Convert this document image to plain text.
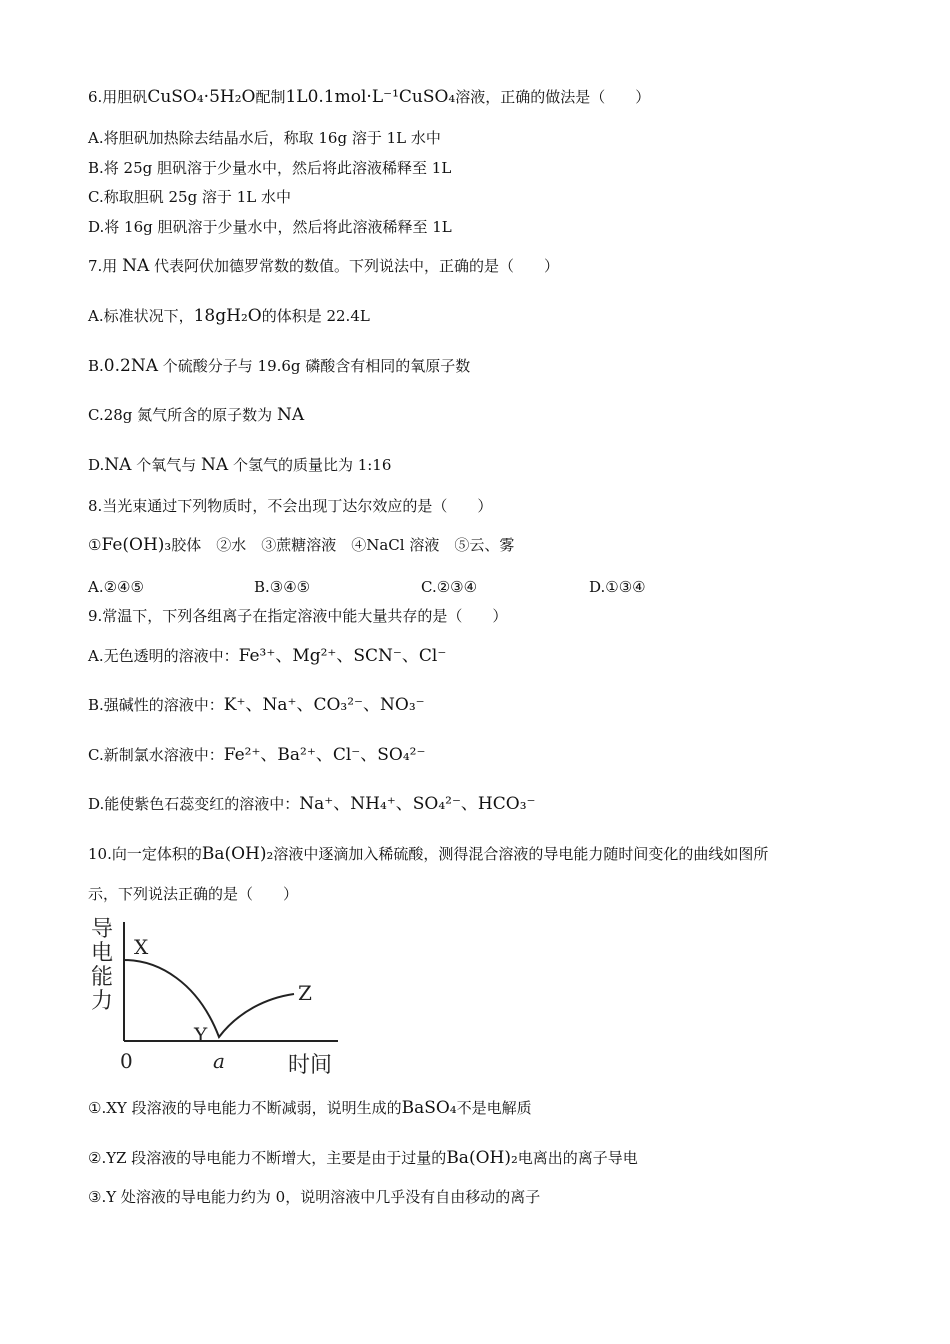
6.用胆矾CuSO₄·5H₂O配制1L0.1mol·L⁻¹CuSO₄溶液，正确的做法是（　　）
A.将胆矾加热除去结晶水后，称取 16g 溶于 1L 水中
B.将 25g 胆矾溶于少量水中，然后将此溶液稀释至 1L
C.称取胆矾 25g 溶于 1L 水中
D.将 16g 胆矾溶于少量水中，然后将此溶液稀释至 1L
7.用 NA 代表阿伏加德罗常数的数值。下列说法中，正确的是（　　）
A.标准状况下，18gH₂O的体积是 22.4L
B.0.2NA 个硫酸分子与 19.6g 磷酸含有相同的氧原子数
C.28g 氮气所含的原子数为 NA
D.NA 个氧气与 NA 个氢气的质量比为 1:16
8.当光束通过下列物质时，不会出现丁达尔效应的是（　　）
①Fe(OH)₃胶体　②水　③蔗糖溶液　④NaCl 溶液　⑤云、雾
A.②④⑤	B.③④⑤	C.②③④	D.①③④
9.常温下，下列各组离子在指定溶液中能大量共存的是（　　）
A.无色透明的溶液中：Fe³⁺、Mg²⁺、SCN⁻、Cl⁻
B.强碱性的溶液中：K⁺、Na⁺、CO₃²⁻、NO₃⁻
C.新制氯水溶液中：Fe²⁺、Ba²⁺、Cl⁻、SO₄²⁻
D.能使紫色石蕊变红的溶液中：Na⁺、NH₄⁺、SO₄²⁻、HCO₃⁻
10.向一定体积的Ba(OH)₂溶液中逐滴加入稀硫酸，测得混合溶液的导电能力随时间变化的曲线如图所
示，下列说法正确的是（　　）
导
电
能
力
X
Y
Z
0	a	时间
①.XY 段溶液的导电能力不断减弱，说明生成的BaSO₄不是电解质
②.YZ 段溶液的导电能力不断增大，主要是由于过量的Ba(OH)₂电离出的离子导电
③.Y 处溶液的导电能力约为 0，说明溶液中几乎没有自由移动的离子
